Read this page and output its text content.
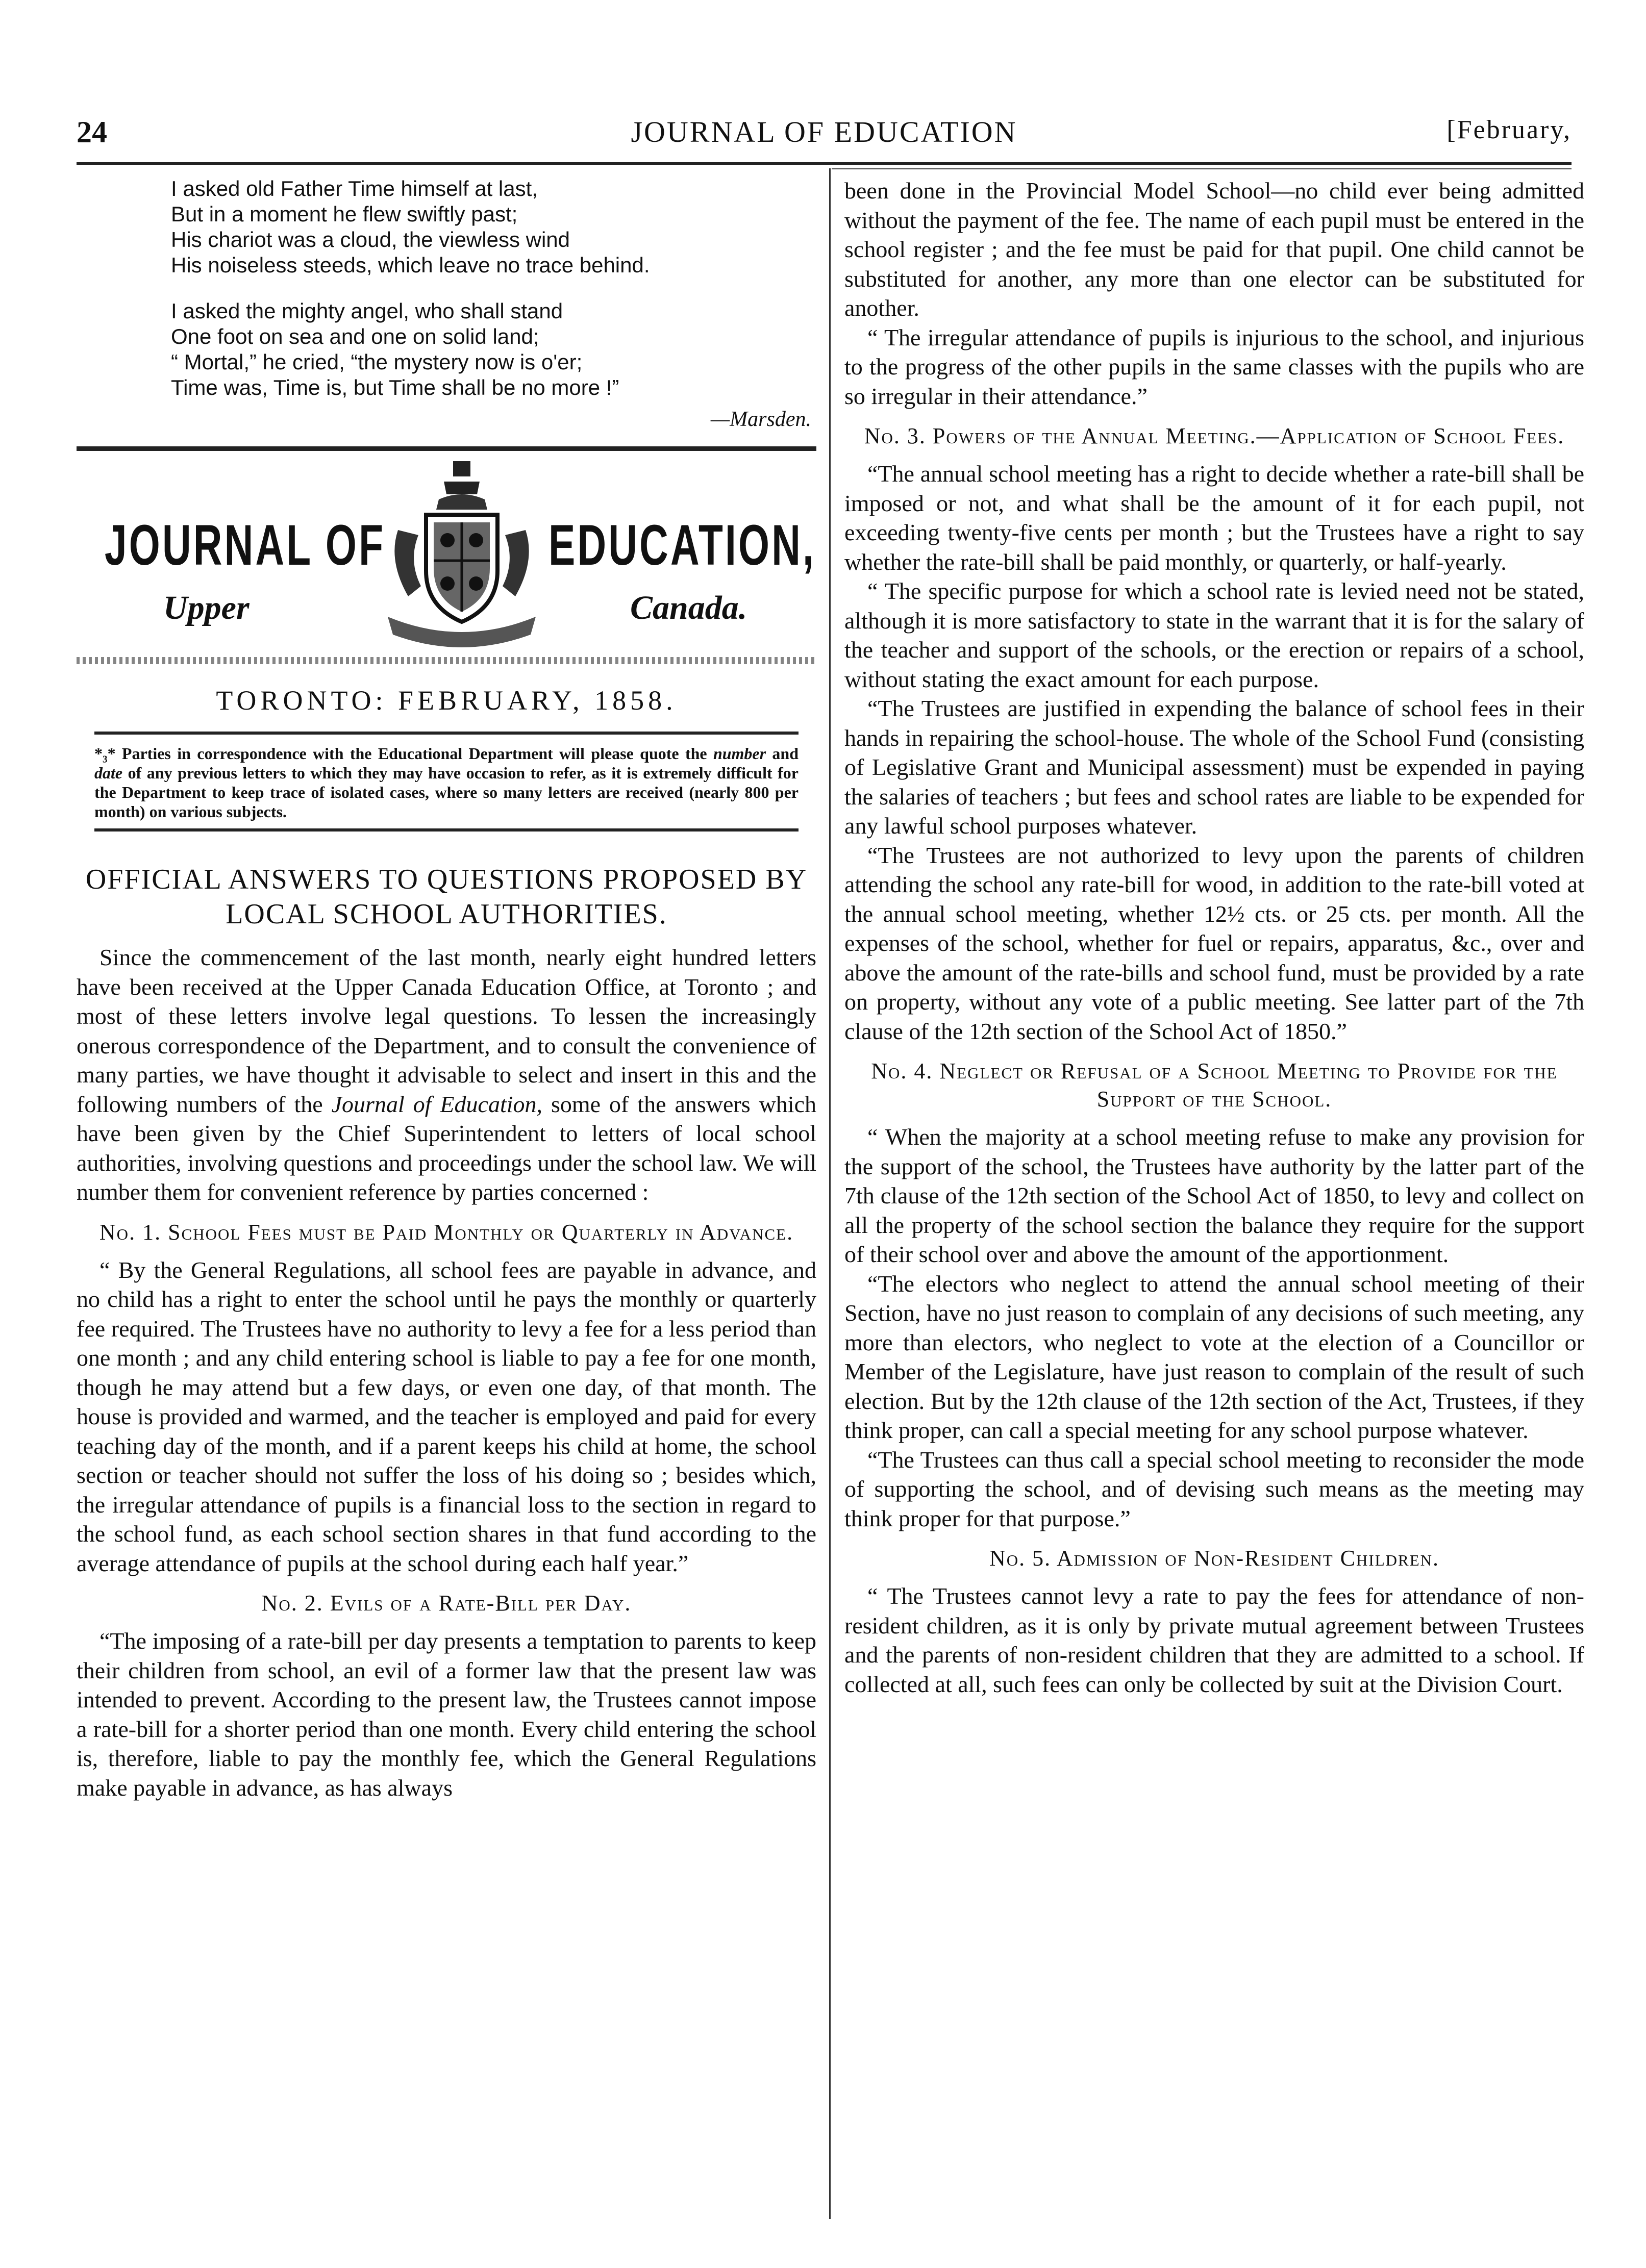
24	JOURNAL OF EDUCATION	[February,
I asked old Father Time himself at last,
But in a moment he flew swiftly past;
His chariot was a cloud, the viewless wind
His noiseless steeds, which leave no trace behind.
I asked the mighty angel, who shall stand
One foot on sea and one on solid land;
“ Mortal,” he cried, “the mystery now is o'er;
Time was, Time is, but Time shall be no more !”
—Marsden.
JOURNAL OF	EDUCATION,
Upper	Canada.
TORONTO: FEBRUARY, 1858.

*₃* Parties in correspondence with the Educational Department will please quote the number and date of any previous letters to which they may have occasion to refer, as it is extremely difficult for the Department to keep trace of isolated cases, where so many letters are received (nearly 800 per month) on various subjects.

OFFICIAL ANSWERS TO QUESTIONS PROPOSED BY LOCAL SCHOOL AUTHORITIES.

Since the commencement of the last month, nearly eight hundred letters have been received at the Upper Canada Education Office, at Toronto ; and most of these letters involve legal questions. To lessen the increasingly onerous correspondence of the Department, and to consult the convenience of many parties, we have thought it advisable to select and insert in this and the following numbers of the Journal of Education, some of the answers which have been given by the Chief Superintendent to letters of local school authorities, involving questions and proceedings under the school law. We will number them for convenient reference by parties concerned :

No. 1. School Fees must be Paid Monthly or Quarterly in Advance.

“ By the General Regulations, all school fees are payable in advance, and no child has a right to enter the school until he pays the monthly or quarterly fee required. The Trustees have no authority to levy a fee for a less period than one month ; and any child entering school is liable to pay a fee for one month, though he may attend but a few days, or even one day, of that month. The house is provided and warmed, and the teacher is employed and paid for every teaching day of the month, and if a parent keeps his child at home, the school section or teacher should not suffer the loss of his doing so ; besides which, the irregular attendance of pupils is a financial loss to the section in regard to the school fund, as each school section shares in that fund according to the average attendance of pupils at the school during each half year.”

No. 2. Evils of a Rate-Bill per Day.

“The imposing of a rate-bill per day presents a temptation to parents to keep their children from school, an evil of a former law that the present law was intended to prevent. According to the present law, the Trustees cannot impose a rate-bill for a shorter period than one month. Every child entering the school is, therefore, liable to pay the monthly fee, which the General Regulations make payable in advance, as has always

been done in the Provincial Model School—no child ever being admitted without the payment of the fee. The name of each pupil must be entered in the school register ; and the fee must be paid for that pupil. One child cannot be substituted for another, any more than one elector can be substituted for another.

“ The irregular attendance of pupils is injurious to the school, and injurious to the progress of the other pupils in the same classes with the pupils who are so irregular in their attendance.”

No. 3. Powers of the Annual Meeting.—Application of School Fees.

“The annual school meeting has a right to decide whether a rate-bill shall be imposed or not, and what shall be the amount of it for each pupil, not exceeding twenty-five cents per month ; but the Trustees have a right to say whether the rate-bill shall be paid monthly, or quarterly, or half-yearly.

“ The specific purpose for which a school rate is levied need not be stated, although it is more satisfactory to state in the warrant that it is for the salary of the teacher and support of the schools, or the erection or repairs of a school, without stating the exact amount for each purpose.

“The Trustees are justified in expending the balance of school fees in their hands in repairing the school-house. The whole of the School Fund (consisting of Legislative Grant and Municipal assessment) must be expended in paying the salaries of teachers ; but fees and school rates are liable to be expended for any lawful school purposes whatever.

“The Trustees are not authorized to levy upon the parents of children attending the school any rate-bill for wood, in addition to the rate-bill voted at the annual school meeting, whether 12½ cts. or 25 cts. per month. All the expenses of the school, whether for fuel or repairs, apparatus, &c., over and above the amount of the rate-bills and school fund, must be provided by a rate on property, without any vote of a public meeting. See latter part of the 7th clause of the 12th section of the School Act of 1850.”

No. 4. Neglect or Refusal of a School Meeting to Provide for the Support of the School.

“ When the majority at a school meeting refuse to make any provision for the support of the school, the Trustees have authority by the latter part of the 7th clause of the 12th section of the School Act of 1850, to levy and collect on all the property of the school section the balance they require for the support of their school over and above the amount of the apportionment.

“The electors who neglect to attend the annual school meeting of their Section, have no just reason to complain of any decisions of such meeting, any more than electors, who neglect to vote at the election of a Councillor or Member of the Legislature, have just reason to complain of the result of such election. But by the 12th clause of the 12th section of the Act, Trustees, if they think proper, can call a special meeting for any school purpose whatever.

“The Trustees can thus call a special school meeting to reconsider the mode of supporting the school, and of devising such means as the meeting may think proper for that purpose.”

No. 5. Admission of Non-Resident Children.

“ The Trustees cannot levy a rate to pay the fees for attendance of non-resident children, as it is only by private mutual agreement between Trustees and the parents of non-resident children that they are admitted to a school. If collected at all, such fees can only be collected by suit at the Division Court.
